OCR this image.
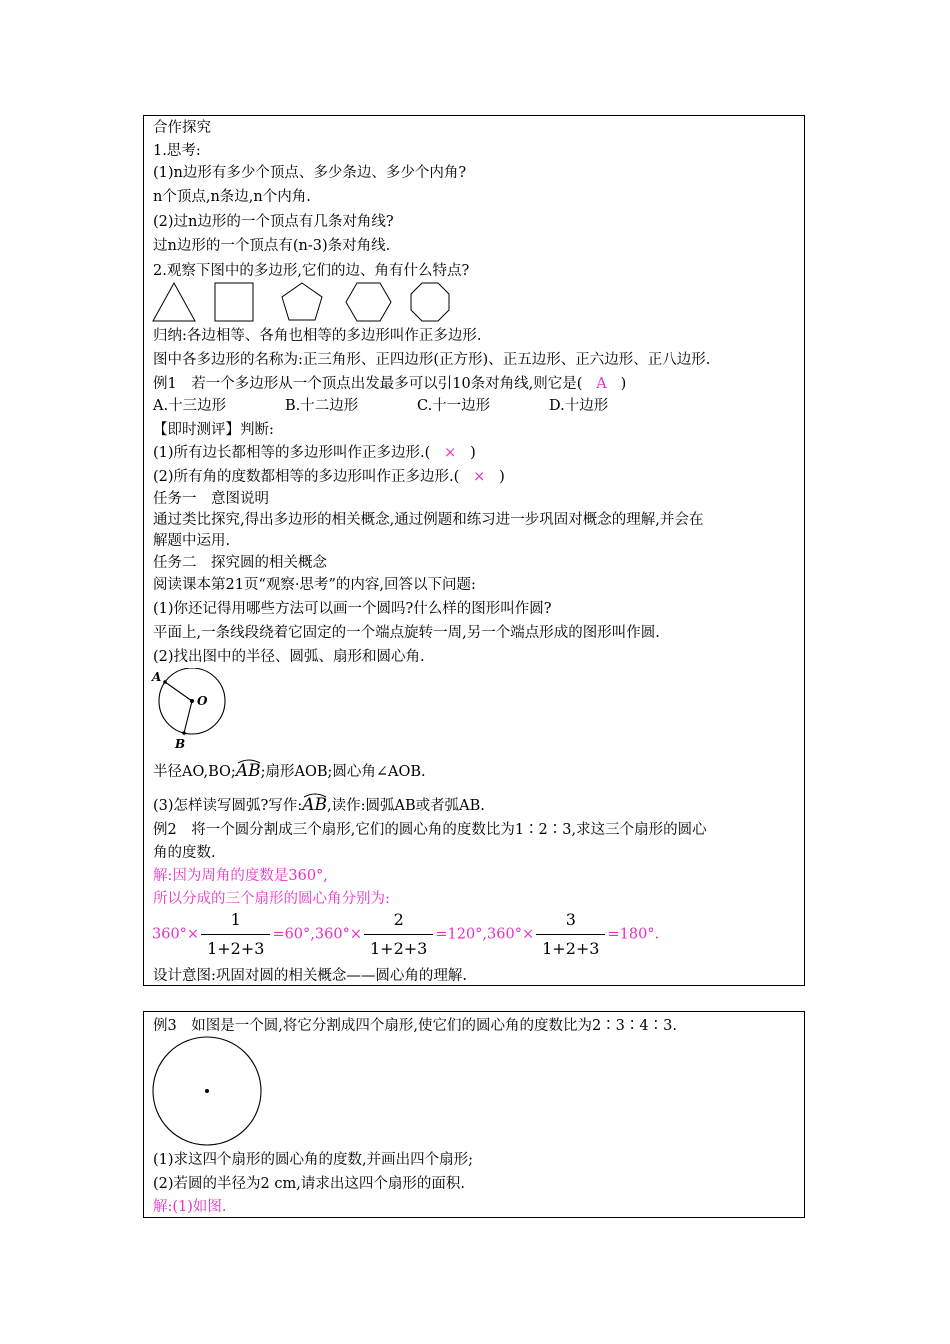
合作探究
1.思考:
(1)n边形有多少个顶点、多少条边、多少个内角?
n个顶点,n条边,n个内角.
(2)过n边形的一个顶点有几条对角线?
过n边形的一个顶点有(n-3)条对角线.
2.观察下图中的多边形,它们的边、角有什么特点?
归纳:各边相等、各角也相等的多边形叫作正多边形.
图中各多边形的名称为:正三角形、正四边形(正方形)、正五边形、正六边形、正八边形.
例1　若一个多边形从一个顶点出发最多可以引10条对角线,则它是( A )
A.十三边形	B.十二边形	C.十一边形	D.十边形
【即时测评】判断:
(1)所有边长都相等的多边形叫作正多边形.( × )
(2)所有角的度数都相等的多边形叫作正多边形.( × )
任务一　意图说明
通过类比探究,得出多边形的相关概念,通过例题和练习进一步巩固对概念的理解,并会在
解题中运用.
任务二　探究圆的相关概念
阅读课本第21页“观察·思考”的内容,回答以下问题:
(1)你还记得用哪些方法可以画一个圆吗?什么样的图形叫作圆?
平面上,一条线段绕着它固定的一个端点旋转一周,另一个端点形成的图形叫作圆.
(2)找出图中的半径、圆弧、扇形和圆心角.
A
O
B
半径AO,BO;AB
;扇形AOB;圆心角∠AOB.
(3)怎样读写圆弧?写作:AB
,读作:圆弧AB或者弧AB.
例2　将一个圆分割成三个扇形,它们的圆心角的度数比为1∶2∶3,求这三个扇形的圆心
角的度数.
解:因为周角的度数是360°,
所以分成的三个扇形的圆心角分别为:
$360^\circ\times \frac{1}{1+2+3} =60^\circ,360^\circ\times \frac{2}{1+2+3} =120^\circ,360^\circ\times \frac{3}{1+2+3} =180^\circ$.
设计意图:巩固对圆的相关概念——圆心角的理解.
例3　如图是一个圆,将它分割成四个扇形,使它们的圆心角的度数比为2∶3∶4∶3.
(1)求这四个扇形的圆心角的度数,并画出四个扇形;
(2)若圆的半径为2 cm,请求出这四个扇形的面积.
解:(1)如图.
